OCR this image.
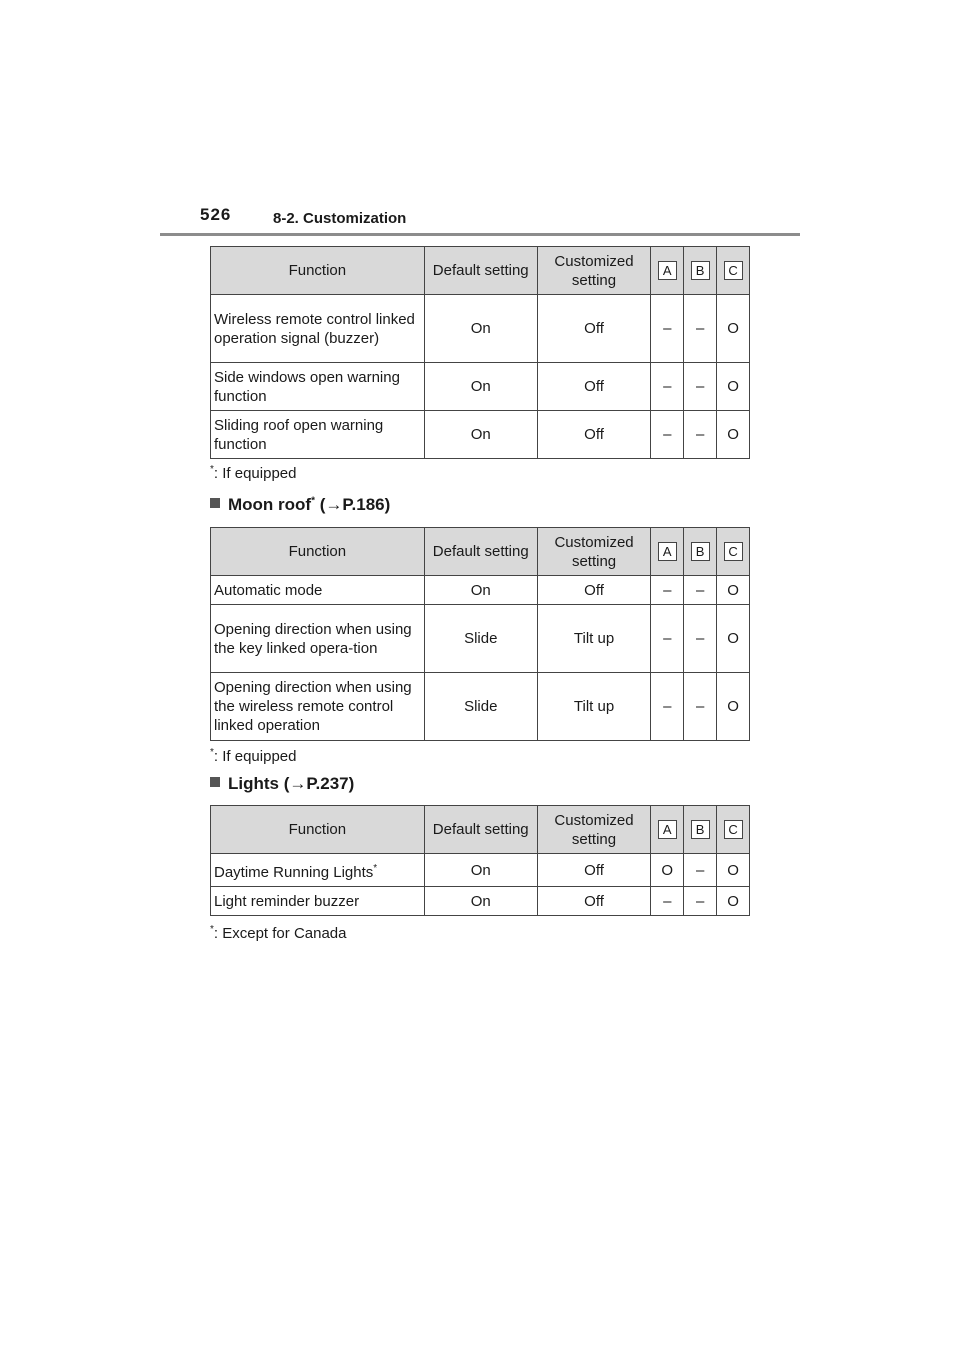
526	8-2. Customization
Function	Default setting	Customized setting	A	B	C
Wireless remote control linked operation signal (buzzer)	On	Off	–	–	O
Side windows open warning function	On	Off	–	–	O
Sliding roof open warning function	On	Off	–	–	O
*: If equipped
Moon roof* (→P.186)
Function	Default setting	Customized setting	A	B	C
Automatic mode	On	Off	–	–	O
Opening direction when using the key linked opera-tion	Slide	Tilt up	–	–	O
Opening direction when using the wireless remote control linked operation	Slide	Tilt up	–	–	O
*: If equipped
Lights (→P.237)
Function	Default setting	Customized setting	A	B	C
Daytime Running Lights*	On	Off	O	–	O
Light reminder buzzer	On	Off	–	–	O
*: Except for Canada
